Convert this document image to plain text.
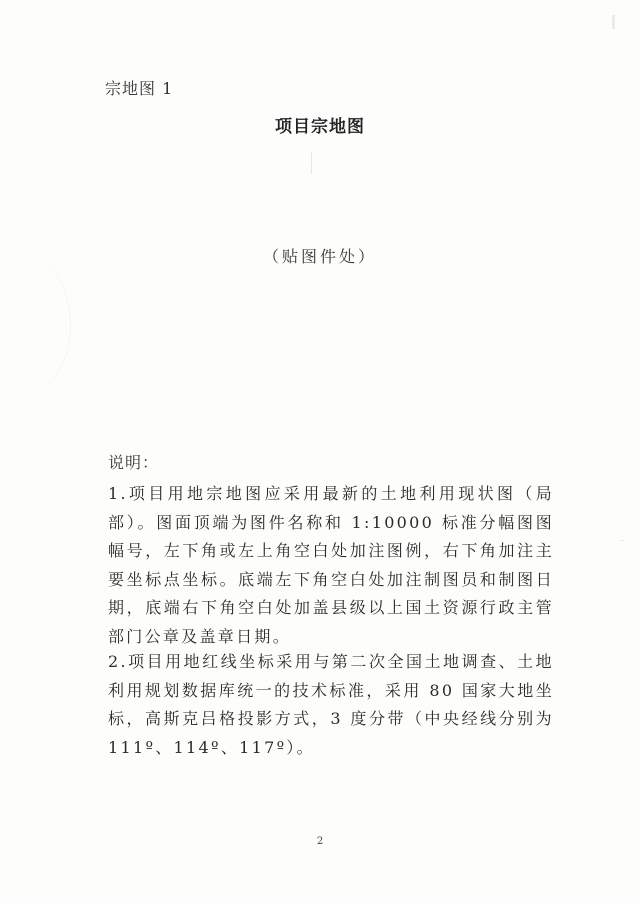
宗地图 1
项目宗地图
（贴图件处）
说明：

1.项目用地宗地图应采用最新的土地利用现状图（局部）。图面顶端为图件名称和 1:10000 标准分幅图图幅号，左下角或左上角空白处加注图例，右下角加注主要坐标点坐标。底端左下角空白处加注制图员和制图日期，底端右下角空白处加盖县级以上国土资源行政主管部门公章及盖章日期。

2.项目用地红线坐标采用与第二次全国土地调查、土地利用规划数据库统一的技术标准，采用 80 国家大地坐标，高斯克吕格投影方式，3 度分带（中央经线分别为 111º、114º、117º）。

2
